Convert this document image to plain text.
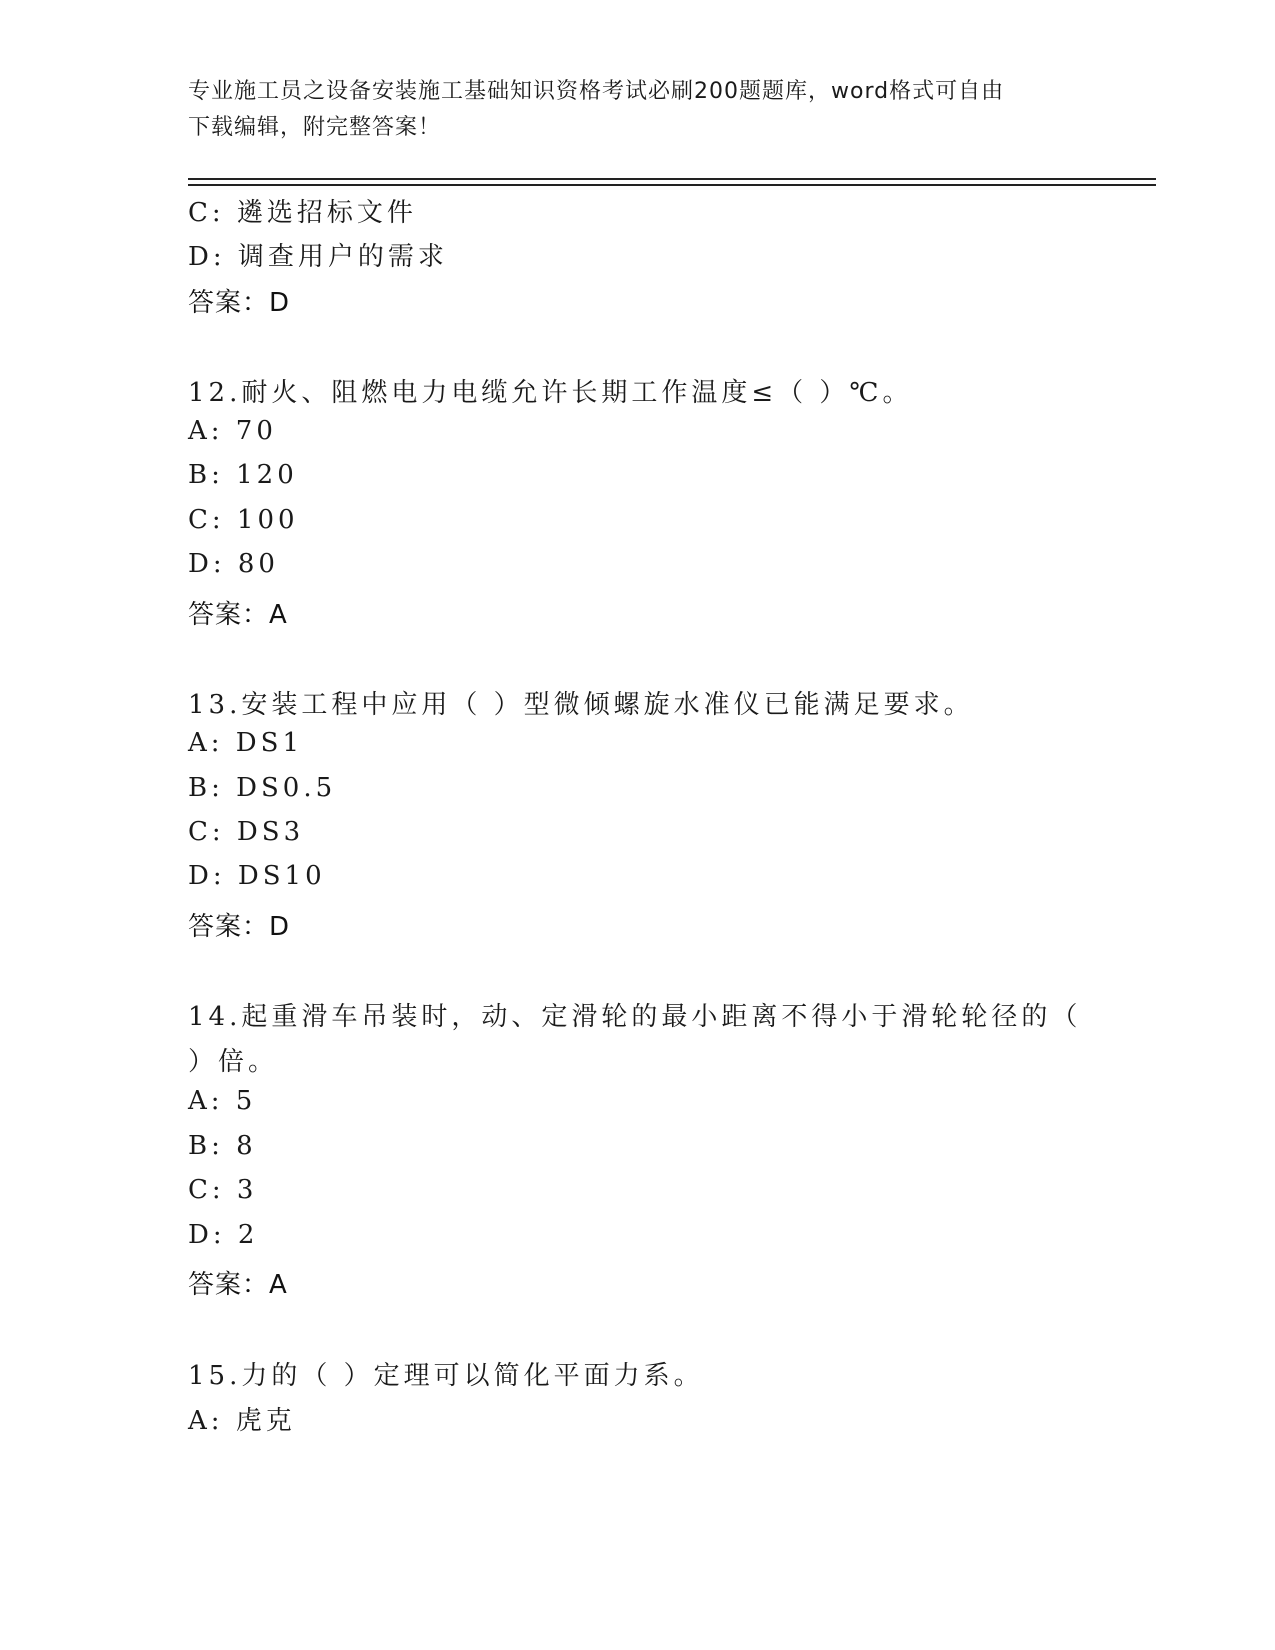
专业施工员之设备安装施工基础知识资格考试必刷200题题库，word格式可自由
下载编辑，附完整答案！
C: 遴选招标文件
D: 调查用户的需求
答案：D
12.耐火、阻燃电力电缆允许长期工作温度≤（ ）℃。
A: 70
B: 120
C: 100
D: 80
答案：A
13.安装工程中应用（ ）型微倾螺旋水准仪已能满足要求。
A: DS1
B: DS0.5
C: DS3
D: DS10
答案：D
14.起重滑车吊装时，动、定滑轮的最小距离不得小于滑轮轮径的（
）倍。
A: 5
B: 8
C: 3
D: 2
答案：A
15.力的（ ）定理可以简化平面力系。
A: 虎克
